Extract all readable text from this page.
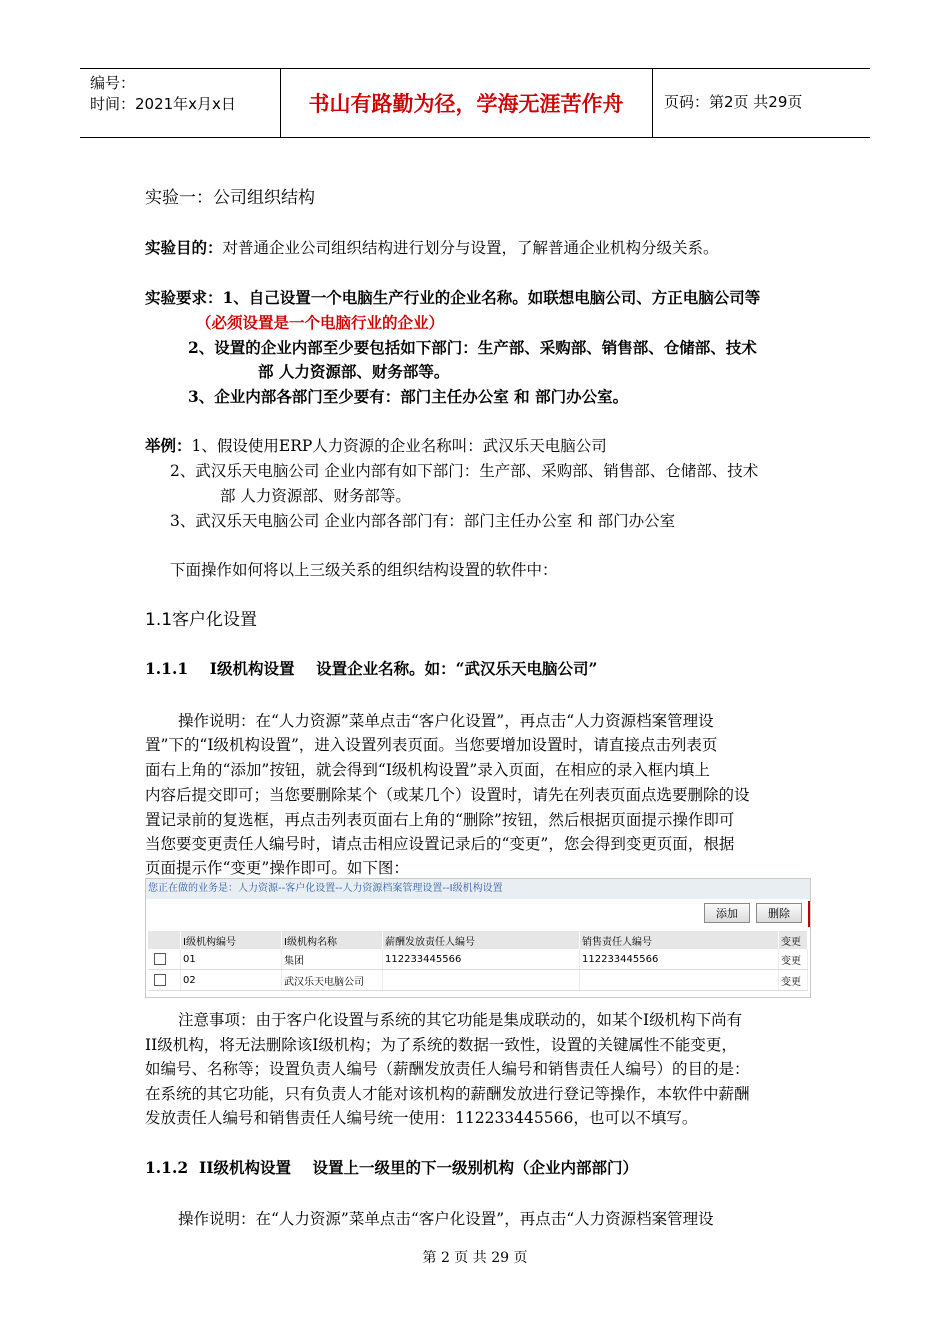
编号：
时间：2021年x月x日	书山有路勤为径，学海无涯苦作舟	页码：第2页 共29页
实验一：公司组织结构
实验目的：对普通企业公司组织结构进行划分与设置，了解普通企业机构分级关系。
实验要求：1、自己设置一个电脑生产行业的企业名称。如联想电脑公司、方正电脑公司等
（必须设置是一个电脑行业的企业）
2、设置的企业内部至少要包括如下部门：生产部、采购部、销售部、仓储部、技术
部 人力资源部、财务部等。
3、企业内部各部门至少要有：部门主任办公室 和 部门办公室。
举例：1、假设使用ERP人力资源的企业名称叫：武汉乐天电脑公司
2、武汉乐天电脑公司 企业内部有如下部门：生产部、采购部、销售部、仓储部、技术
部 人力资源部、财务部等。
3、武汉乐天电脑公司 企业内部各部门有：部门主任办公室 和 部门办公室
下面操作如何将以上三级关系的组织结构设置的软件中：
1.1客户化设置
1.1.1    I级机构设置    设置企业名称。如：“武汉乐天电脑公司”
操作说明：在“人力资源”菜单点击“客户化设置”，再点击“人力资源档案管理设
置”下的“Ⅰ级机构设置”，进入设置列表页面。当您要增加设置时，请直接点击列表页
面右上角的“添加”按钮，就会得到“Ⅰ级机构设置”录入页面，在相应的录入框内填上
内容后提交即可；当您要删除某个（或某几个）设置时，请先在列表页面点选要删除的设
置记录前的复选框，再点击列表页面右上角的“删除”按钮，然后根据页面提示操作即可
当您要变更责任人编号时，请点击相应设置记录后的“变更”，您会得到变更页面，根据
页面提示作“变更”操作即可。如下图：
您正在做的业务是：人力资源--客户化设置--人力资源档案管理设置--I级机构设置
添加	删除
	I级机构编号	I级机构名称	薪酬发放责任人编号	销售责任人编号	变更
	01	集团	112233445566	112233445566	变更
	02	武汉乐天电脑公司			变更
注意事项：由于客户化设置与系统的其它功能是集成联动的，如某个Ⅰ级机构下尚有
II级机构，将无法删除该Ⅰ级机构；为了系统的数据一致性，设置的关键属性不能变更，
如编号、名称等；设置负责人编号（薪酬发放责任人编号和销售责任人编号）的目的是：
在系统的其它功能，只有负责人才能对该机构的薪酬发放进行登记等操作，本软件中薪酬
发放责任人编号和销售责任人编号统一使用：112233445566，也可以不填写。
1.1.2  II级机构设置    设置上一级里的下一级别机构（企业内部部门）
操作说明：在“人力资源”菜单点击“客户化设置”，再点击“人力资源档案管理设
第 2 页 共 29 页
